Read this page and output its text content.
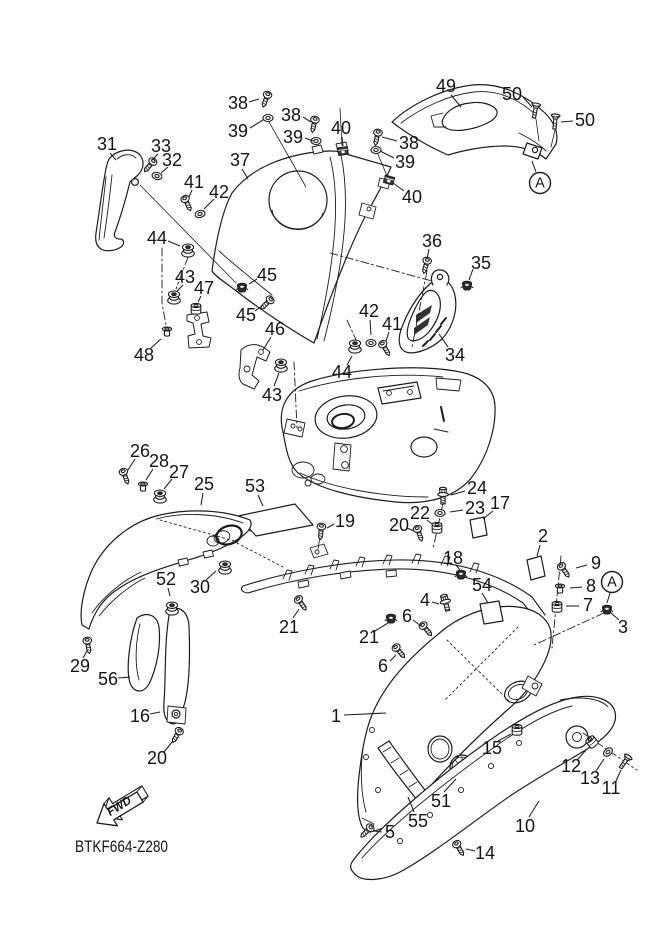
38
39
38
39 40
38
39
40
37
49	50
50
31 33
32
41 42
44
43
47
45
45
46
48
43
44
34
36
35
42
41
26
28
27
25 53
19
24
23
22	17
20
18
2
54
4
6
6
21	21
29
56
16
20
1
15
12
13 11
51
55	10
5
14
9
8
7
3
30
52
A
A
FWD
BTKF664-Z280
